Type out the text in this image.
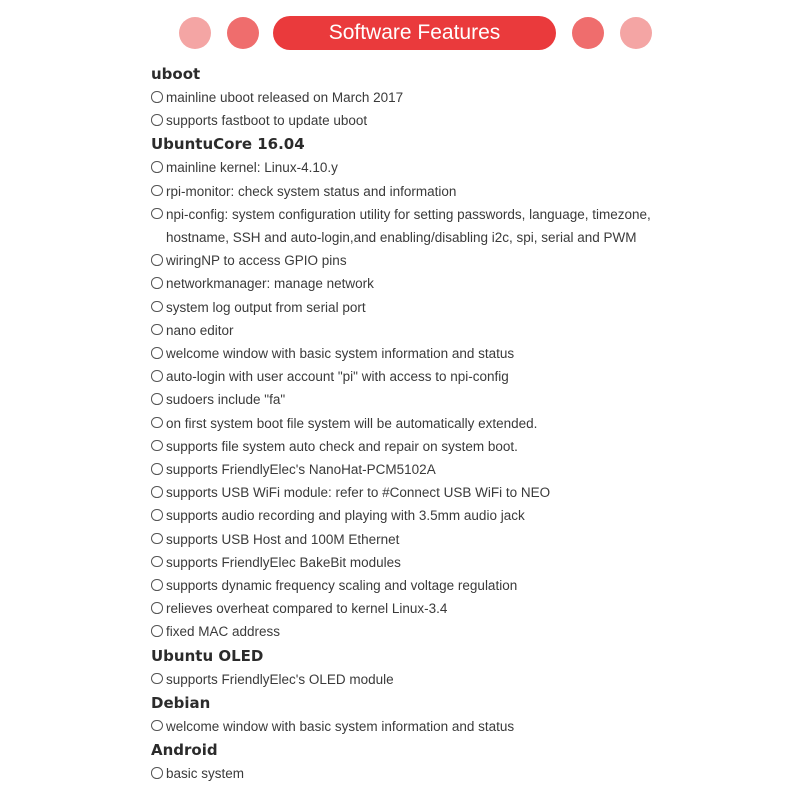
Software Features
uboot
mainline uboot released on March 2017
supports fastboot to update uboot
UbuntuCore 16.04
mainline kernel: Linux-4.10.y
rpi-monitor: check system status and information
npi-config: system configuration utility for setting passwords, language, timezone,
hostname, SSH and auto-login,and enabling/disabling i2c, spi, serial and PWM
wiringNP to access GPIO pins
networkmanager: manage network
system log output from serial port
nano editor
welcome window with basic system information and status
auto-login with user account "pi" with access to npi-config
sudoers include "fa"
on first system boot file system will be automatically extended.
supports file system auto check and repair on system boot.
supports FriendlyElec's NanoHat-PCM5102A
supports USB WiFi module: refer to #Connect USB WiFi to NEO
supports audio recording and playing with 3.5mm audio jack
supports USB Host and 100M Ethernet
supports FriendlyElec BakeBit modules
supports dynamic frequency scaling and voltage regulation
relieves overheat compared to kernel Linux-3.4
fixed MAC address
Ubuntu OLED
supports FriendlyElec's OLED module
Debian
welcome window with basic system information and status
Android
basic system
